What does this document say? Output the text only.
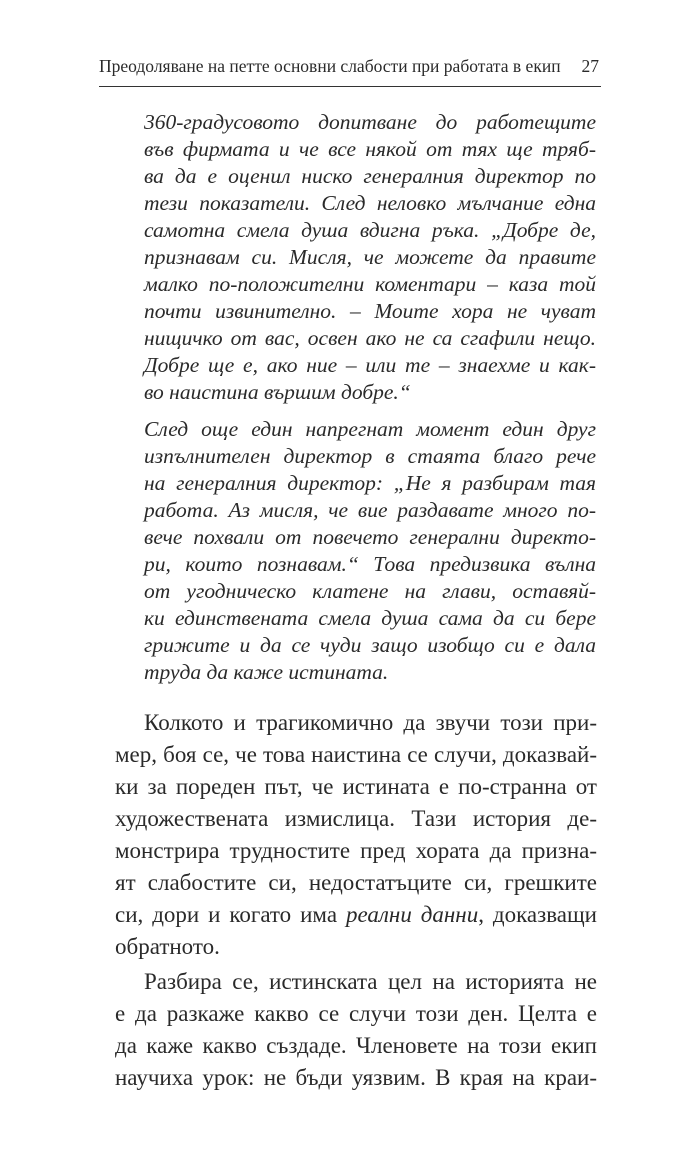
Преодоляване на петте основни слабости при работата в екип 27
360-градусовото допитване до работещите
във фирмата и че все някой от тях ще тряб-
ва да е оценил ниско генералния директор по
тези показатели. След неловко мълчание една
самотна смела душа вдигна ръка. „Добре де,
признавам си. Мисля, че можете да правите
малко по-положителни коментари – каза той
почти извинително. – Моите хора не чуват
нищичко от вас, освен ако не са сгафили нещо.
Добре ще е, ако ние – или те – знаехме и как-
во наистина вършим добре.“
След още един напрегнат момент един друг
изпълнителен директор в стаята благо рече
на генералния директор: „Не я разбирам тая
работа. Аз мисля, че вие раздавате много по-
вече похвали от повечето генерални директо-
ри, които познавам.“ Това предизвика вълна
от угодническо клатене на глави, оставяй-
ки единствената смела душа сама да си бере
грижите и да се чуди защо изобщо си е дала
труда да каже истината.
Колкото и трагикомично да звучи този при-
мер, боя се, че това наистина се случи, доказвай-
ки за пореден път, че истината е по-странна от
художествената измислица. Тази история де-
монстрира трудностите пред хората да призна-
ят слабостите си, недостатъците си, грешките
си, дори и когато има реални данни, доказващи
обратното.
Разбира се, истинската цел на историята не
е да разкаже какво се случи този ден. Целта е
да каже какво създаде. Членовете на този екип
научиха урок: не бъди уязвим. В края на краи-
